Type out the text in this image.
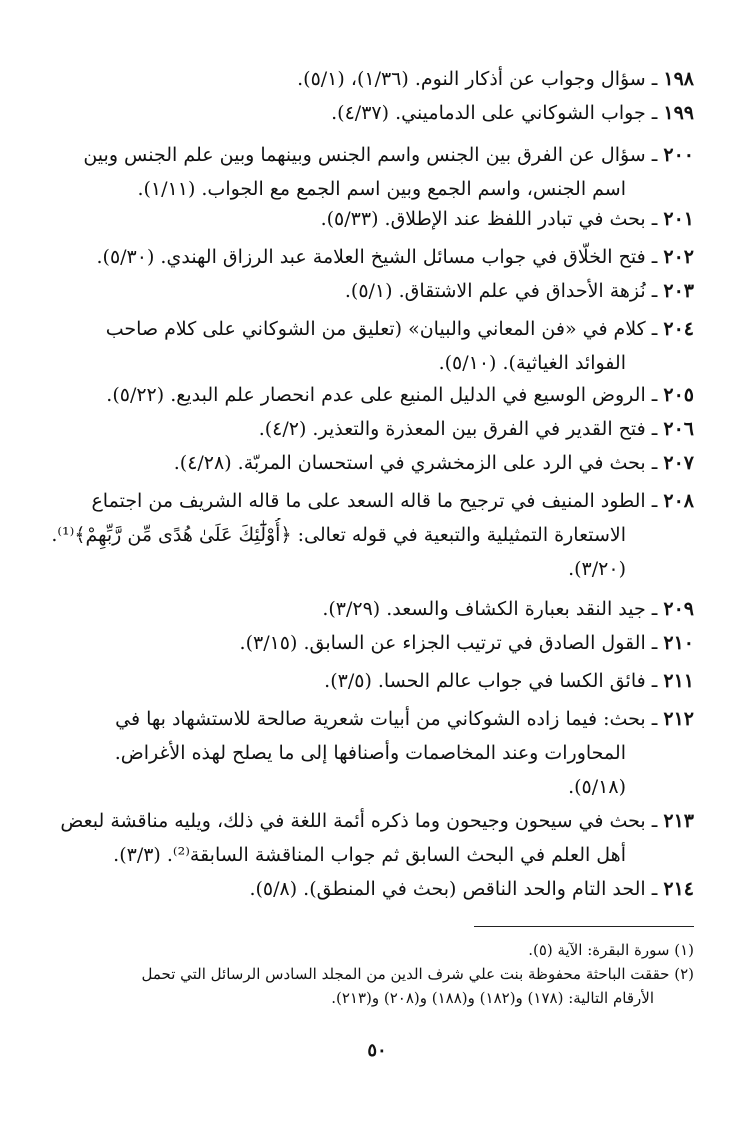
١٩٨ ـ سؤال وجواب عن أذكار النوم. (١/٣٦)، (٥/١).
١٩٩ ـ جواب الشوكاني على الدماميني. (٤/٣٧).
٢٠٠ ـ سؤال عن الفرق بين الجنس واسم الجنس وبينهما وبين علم الجنس وبين
اسم الجنس، واسم الجمع وبين اسم الجمع مع الجواب. (١/١١).
٢٠١ ـ بحث في تبادر اللفظ عند الإطلاق. (٥/٣٣).
٢٠٢ ـ فتح الخلّاق في جواب مسائل الشيخ العلامة عبد الرزاق الهندي. (٥/٣٠).
٢٠٣ ـ نُزهة الأحداق في علم الاشتقاق. (٥/١).
٢٠٤ ـ كلام في «فن المعاني والبيان» (تعليق من الشوكاني على كلام صاحب
الفوائد الغياثية). (٥/١٠).
٢٠٥ ـ الروض الوسيع في الدليل المنيع على عدم انحصار علم البديع. (٥/٢٢).
٢٠٦ ـ فتح القدير في الفرق بين المعذرة والتعذير. (٤/٢).
٢٠٧ ـ بحث في الرد على الزمخشري في استحسان المربّة. (٤/٢٨).
٢٠٨ ـ الطود المنيف في ترجيح ما قاله السعد على ما قاله الشريف من اجتماع
الاستعارة التمثيلية والتبعية في قوله تعالى: ﴿أُوْلَٰٓئِكَ عَلَىٰ هُدًى مِّن رَّبِّهِمْ﴾⁽¹⁾.
(٣/٢٠).
٢٠٩ ـ جيد النقد بعبارة الكشاف والسعد. (٣/٢٩).
٢١٠ ـ القول الصادق في ترتيب الجزاء عن السابق. (٣/١٥).
٢١١ ـ فائق الكسا في جواب عالم الحسا. (٣/٥).
٢١٢ ـ بحث: فيما زاده الشوكاني من أبيات شعرية صالحة للاستشهاد بها في
المحاورات وعند المخاصمات وأصنافها إلى ما يصلح لهذه الأغراض.
(٥/١٨).
٢١٣ ـ بحث في سيحون وجيحون وما ذكره أئمة اللغة في ذلك، ويليه مناقشة لبعض
أهل العلم في البحث السابق ثم جواب المناقشة السابقة⁽²⁾. (٣/٣).
٢١٤ ـ الحد التام والحد الناقص (بحث في المنطق). (٥/٨).
(١) سورة البقرة: الآية (٥).
(٢) حققت الباحثة محفوظة بنت علي شرف الدين من المجلد السادس الرسائل التي تحمل
الأرقام التالية: (١٧٨) و(١٨٢) و(١٨٨) و(٢٠٨) و(٢١٣).
٥٠
